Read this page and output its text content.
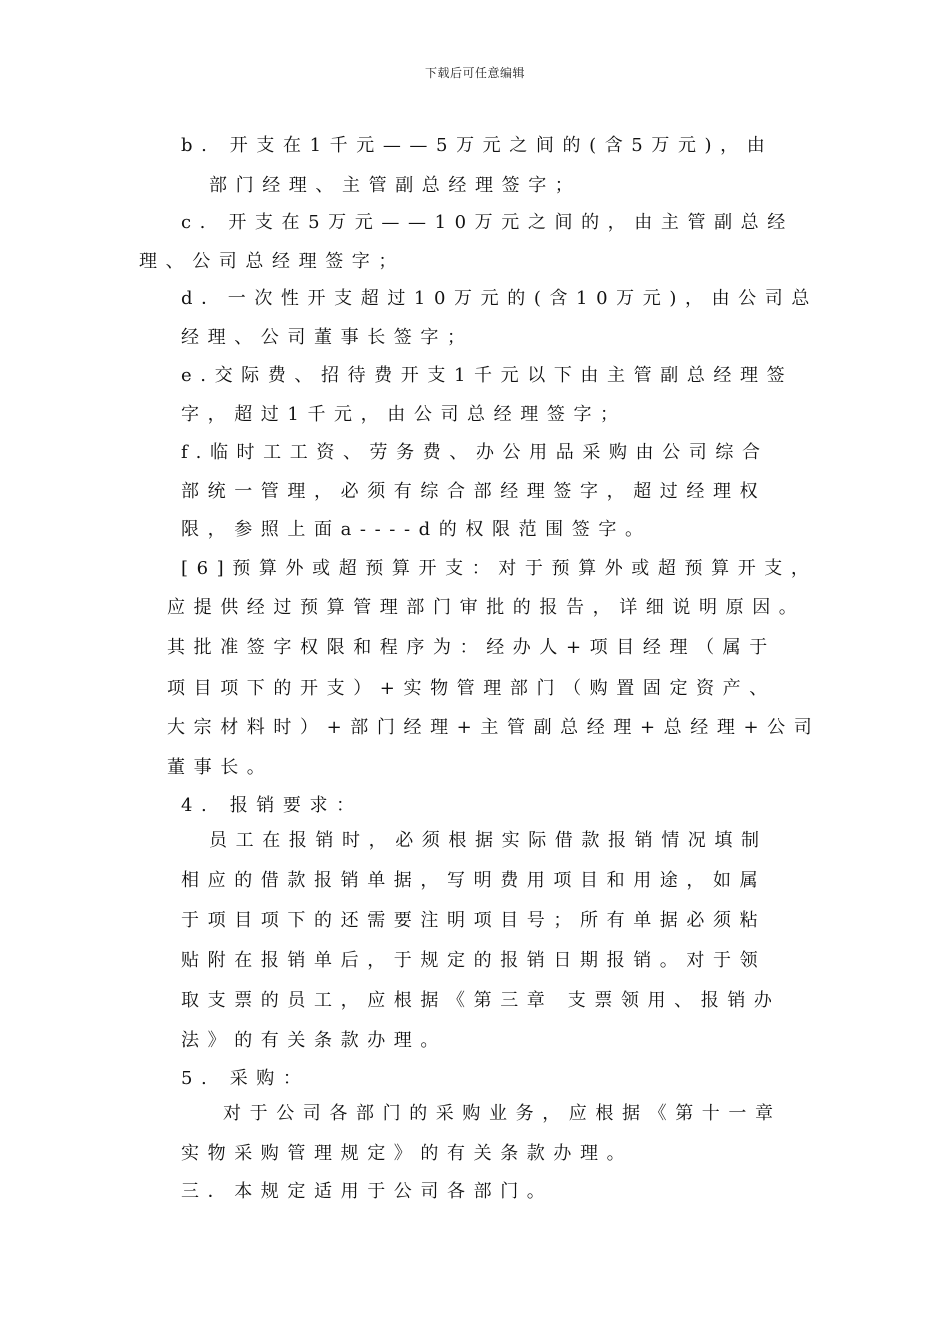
下载后可任意编辑
b. 开支在1千元——5万元之间的(含5万元)，由
部门经理、主管副总经理签字；
c. 开支在5万元——10万元之间的，由主管副总经
理、公司总经理签字；
d．一次性开支超过10万元的(含10万元)，由公司总
经理、公司董事长签字；
e.交际费、招待费开支1千元以下由主管副总经理签
字，超过1千元，由公司总经理签字；
f.临时工工资、劳务费、办公用品采购由公司综合
部统一管理，必须有综合部经理签字，超过经理权
限，参照上面a----d的权限范围签字。
[6]预算外或超预算开支：对于预算外或超预算开支，
应提供经过预算管理部门审批的报告，详细说明原因。
其批准签字权限和程序为：经办人+项目经理（属于
项目项下的开支）+实物管理部门（购置固定资产、
大宗材料时）+部门经理+主管副总经理+总经理+公司
董事长。
4. 报销要求：
员工在报销时，必须根据实际借款报销情况填制
相应的借款报销单据，写明费用项目和用途，如属
于项目项下的还需要注明项目号；所有单据必须粘
贴附在报销单后，于规定的报销日期报销。对于领
取支票的员工，应根据《第三章 支票领用、报销办
法》的有关条款办理。
5. 采购：
对于公司各部门的采购业务，应根据《第十一章
实物采购管理规定》的有关条款办理。
三．本规定适用于公司各部门。
